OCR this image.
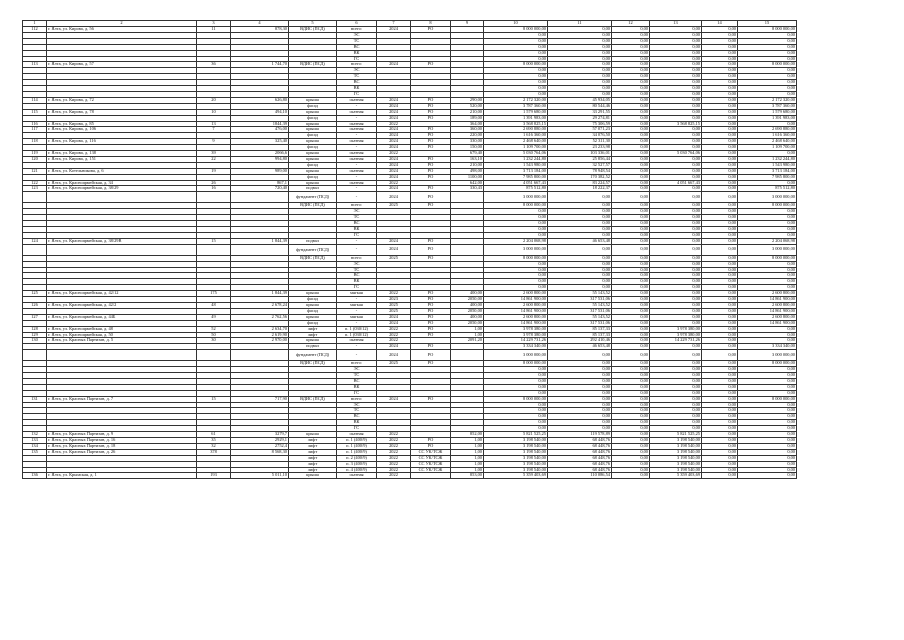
1	2	3	4	5	6	7	8	9	10	11	12	13	14	15
112	г. Ялта, ул. Кирова, д. 56	11	878,30	ВДИС (ПСД)	всего:	2024	РО		8 000 000,00	0,00	0,00	0,00	0,00	8 000 000,00
					ЭС				0,00	0,00	0,00	0,00	0,00	0,00
					ТС				0,00	0,00	0,00	0,00	0,00	0,00
					ВС				0,00	0,00	0,00	0,00	0,00	0,00
					ВК				0,00	0,00	0,00	0,00	0,00	0,00
					ГС				0,00	0,00	0,00	0,00	0,00	0,00
113	г. Ялта, ул. Кирова, д. 57	36	1 744,70	ВДИС (ПСД)	всего:	2024	РО		8 000 000,00	0,00	0,00	0,00	0,00	8 000 000,00
					ЭС				0,00	0,00	0,00	0,00	0,00	0,00
					ТС				0,00	0,00	0,00	0,00	0,00	0,00
					ВС				0,00	0,00	0,00	0,00	0,00	0,00
					ВК				0,00	0,00	0,00	0,00	0,00	0,00
					ГС				0,00	0,00	0,00	0,00	0,00	0,00
114	г. Ялта, ул. Кирова, д. 72	20	626,80	крыша	скатная	2024	РО	290,00	2 172 320,00	45 934,05	0,00	0,00	0,00	2 172 320,00
				фасад	-	2024	РО	520,00	3 787 360,00	80 544,46	0,00	0,00	0,00	3 787 360,00
115	г. Ялта, ул. Кирова, д. 78	10	494,10	крыша	скатная	2024	РО	210,00	1 579 680,00	33 291,55	0,00	0,00	0,00	1 579 680,00
				фасад	-	2024	РО	189,00	1 391 983,00	29 274,81	0,00	0,00	0,00	1 391 983,00
116	г. Ялта, ул. Кирова, д. 85	13	1844,39	крыша	скатная	2022		364,00	3 568 825,15	75 306,59	0,00	3 568 825,15	0,00	0,00
117	г. Ялта, ул. Кирова, д. 106	7	476,00	крыша	скатная	2024	РО	360,00	2 690 880,00	57 071,23	0,00	0,00	0,00	2 690 880,00
				фасад	-	2024	РО	220,00	1 616 360,00	34 076,50	0,00	0,00	0,00	1 616 360,00
118	г. Ялта, ул. Кирова, д. 116	9	325,40	крыша	скатная	2024	РО	330,00	2 468 640,00	52 311,30	0,00	0,00	0,00	2 468 640,00
				фасад	-	2024	РО	150,00	1 109 700,00	23 233,98	0,00	0,00	0,00	1 109 700,00
119	г. Ялта, ул. Кирова, д. 138	39	2066,6	крыша	скатная	2022		679,40	5 030 764,06	103 336,01	0,00	5 030 764,06	0,00	0,00
120	г. Ялта, ул. Кирова, д. 151	22	994,80	крыша	скатная	2024	РО	163,10	1 232 244,80	25 856,44	0,00	0,00	0,00	1 232 244,80
				фасад	-	2024	РО	210,00	1 543 980,00	32 527,57	0,00	0,00	0,00	1 543 980,00
121	г. Ялта, ул. Котельникова, д. 6	19	989,00	крыша	скатная	2024	РО	498,00	3 713 184,00	78 948,54	0,00	0,00	0,00	3 713 184,00
				фасад	-	2024	РО	1100,00	7 985 800,00	170 382,52	0,00	0,00	0,00	7 985 800,00
122	г. Ялта, ул. Красноармейская, д. 34	26	867,1	крыша	скатная	2022		642,00	4 051 667,43	83 224,57	0,00	4 051 667,43	0,00	0,00
123	г. Ялта, ул. Красноармейская, д. 38/29	16	720,40	подвал	-	2024	РО	330,43	875 512,80	18 222,37	0,00	0,00	0,00	875 512,80
				фундамент (ПСД)	-	2024	РО		3 000 000,00	0,00	0,00	0,00	0,00	3 000 000,00
				ВДИС (ПСД)	всего:	2025	РО		8 000 000,00	0,00	0,00	0,00	0,00	8 000 000,00
					ЭС				0,00	0,00	0,00	0,00	0,00	0,00
					ТС				0,00	0,00	0,00	0,00	0,00	0,00
					ВС				0,00	0,00	0,00	0,00	0,00	0,00
					ВК				0,00	0,00	0,00	0,00	0,00	0,00
					ГС				0,00	0,00	0,00	0,00	0,00	0,00
124	г. Ялта, ул. Красноармейская, д. 38/29В	15	1 844,39	подвал	-	2024	РО		2 204 068,98	46 653,48	0,00	0,00	0,00	2 204 068,98
				фундамент (ПСД)	-	2024	РО		3 000 000,00	0,00	0,00	0,00	0,00	3 000 000,00
				ВДИС (ПСД)	всего:	2025	РО		8 000 000,00	0,00	0,00	0,00	0,00	8 000 000,00
					ЭС				0,00	0,00	0,00	0,00	0,00	0,00
					ТС				0,00	0,00	0,00	0,00	0,00	0,00
					ВС				0,00	0,00	0,00	0,00	0,00	0,00
					ВК				0,00	0,00	0,00	0,00	0,00	0,00
					ГС				0,00	0,00	0,00	0,00	0,00	0,00
125	г. Ялта, ул. Красноармейская, д. 42/12	175	1 844,39	крыша	мягкая	2022	РО	400,00	2 600 800,00	55 143,52	0,00	0,00	0,00	2 600 800,00
				фасад	-	2023	РО	2050,00	14 861 900,00	317 531,06	0,00	0,00	0,00	14 861 900,00
126	г. Ялта, ул. Красноармейская, д. 42/2	48	2 678,24	крыша	мягкая	2025	РО	400,00	2 600 800,00	55 143,52	0,00	0,00	0,00	2 600 800,00
				фасад	-	2025	РО	2050,00	14 861 900,00	317 531,06	0,00	0,00	0,00	14 861 900,00
127	г. Ялта, ул. Красноармейская, д. 44Б	49	2 762,56	крыша	мягкая	2024	РО	400,00	2 600 800,00	55 143,52	0,00	0,00	0,00	2 600 800,00
				фасад	-	2024	РО	2050,00	14 861 900,00	317 531,06	0,00	0,00	0,00	14 861 900,00
128	г. Ялта, ул. Красноармейская, д. 48	52	2 634,70	лифт	п. 1 (030/12)	2022	РО	1,00	3 978 380,00	85 137,33	0,00	3 978 380,00	0,00	0,00
129	г. Ялта, ул. Красноармейская, д. 50	50	2 619,90	лифт	п. 1 (030/12)	2022	РО	1,00	3 978 380,00	85 137,33	0,00	3 978 380,00	0,00	0,00
130	г. Ялта, ул. Красных Партизан, д. 5	30	2 970,00	крыша	скатная	2022		2091,20	14 229 731,26	292 410,46	0,00	14 229 731,26	0,00	0,00
				подвал	-	2024	РО		3 334 340,00	46 653,48	0,00	0,00	0,00	3 334 340,00
				фундамент (ПСД)	-	2024	РО		3 000 000,00	0,00	0,00	0,00	0,00	3 000 000,00
				ВДИС (ПСД)	всего:	2025	РО		8 000 000,00	0,00	0,00	0,00	0,00	8 000 000,00
					ЭС				0,00	0,00	0,00	0,00	0,00	0,00
					ТС				0,00	0,00	0,00	0,00	0,00	0,00
					ВС				0,00	0,00	0,00	0,00	0,00	0,00
					ВК				0,00	0,00	0,00	0,00	0,00	0,00
					ГС				0,00	0,00	0,00	0,00	0,00	0,00
131	г. Ялта, ул. Красных Партизан, д. 7	15	717,90	ВДИС (ПСД)	всего:	2024	РО		8 000 000,00	0,00	0,00	0,00	0,00	8 000 000,00
					ЭС				0,00	0,00	0,00	0,00	0,00	0,00
					ТС				0,00	0,00	0,00	0,00	0,00	0,00
					ВС				0,00	0,00	0,00	0,00	0,00	0,00
					ВК				0,00	0,00	0,00	0,00	0,00	0,00
					ГС				0,00	0,00	0,00	0,00	0,00	0,00
132	г. Ялта, ул. Красных Партизан, д. 9	61	3279,7	крыша	скатная	2022		852,00	5 821 525,25	119 578,89	0,00	5 821 525,25	0,00	0,00
133	г. Ялта, ул. Красных Партизан, д. 16	35	2929,1	лифт	п. 1 (400/9)	2022	РО	1,00	3 198 540,00	68 448,76	0,00	3 198 540,00	0,00	0,00
134	г. Ялта, ул. Красных Партизан, д. 18	32	2752,4	лифт	п. 1 (400/9)	2022	РО	1,00	3 198 540,00	68 448,76	0,00	3 198 540,00	0,00	0,00
135	г. Ялта, ул. Красных Партизан, д. 26	378	8 568,30	лифт	п. 1 (400/9)	2022	СС УК/ТСЖ	1,00	3 198 540,00	68 448,76	0,00	3 198 540,00	0,00	0,00
				лифт	п. 2 (400/9)	2022	СС УК/ТСЖ	1,00	3 198 540,00	68 448,76	0,00	3 198 540,00	0,00	0,00
				лифт	п. 3 (400/9)	2022	СС УК/ТСЖ	1,00	3 198 540,00	68 448,76	0,00	3 198 540,00	0,00	0,00
				лифт	п. 4 (400/9)	2022	СС УК/ТСЖ	1,00	3 198 540,00	68 448,76	0,00	3 198 540,00	0,00	0,00
136	г. Ялта, ул. Крымская, д. 1	193	5 011,10	крыша	скатная	2022		853,00	5 359 403,69	110 086,54	0,00	5 359 403,69	0,00	0,00
